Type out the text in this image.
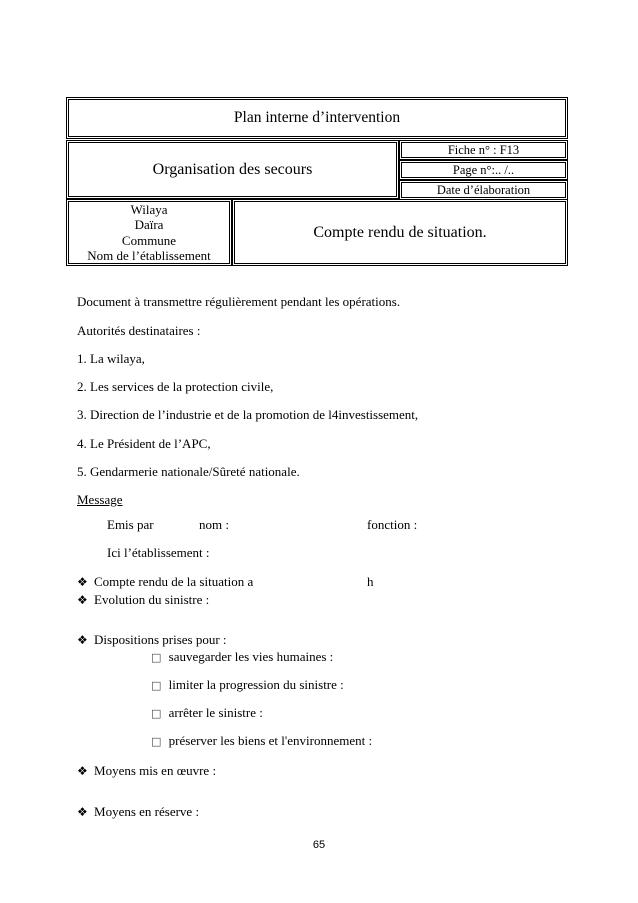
Plan interne d’intervention
Organisation des secours
Fiche n° : F13
Page n°:.. /..
Date d’élaboration
Wilaya
Daïra
Commune
Nom de l’établissement
Compte rendu de situation.
Document à transmettre régulièrement pendant les opérations.
Autorités destinataires :
1. La wilaya,
2. Les services de la protection civile,
3. Direction de l’industrie et de la promotion de l4investissement,
4. Le Président de l’APC,
5. Gendarmerie nationale/Sûreté nationale.
Message
Emis par	nom :	fonction :
Ici l’établissement :
❖ Compte rendu de la situation a	h
❖ Evolution du sinistre :
❖ Dispositions prises pour :
□ sauvegarder les vies humaines :
□ limiter la progression du sinistre :
□ arrêter le sinistre :
□ préserver les biens et l'environnement :
❖ Moyens mis en œuvre :
❖ Moyens en réserve :
65
